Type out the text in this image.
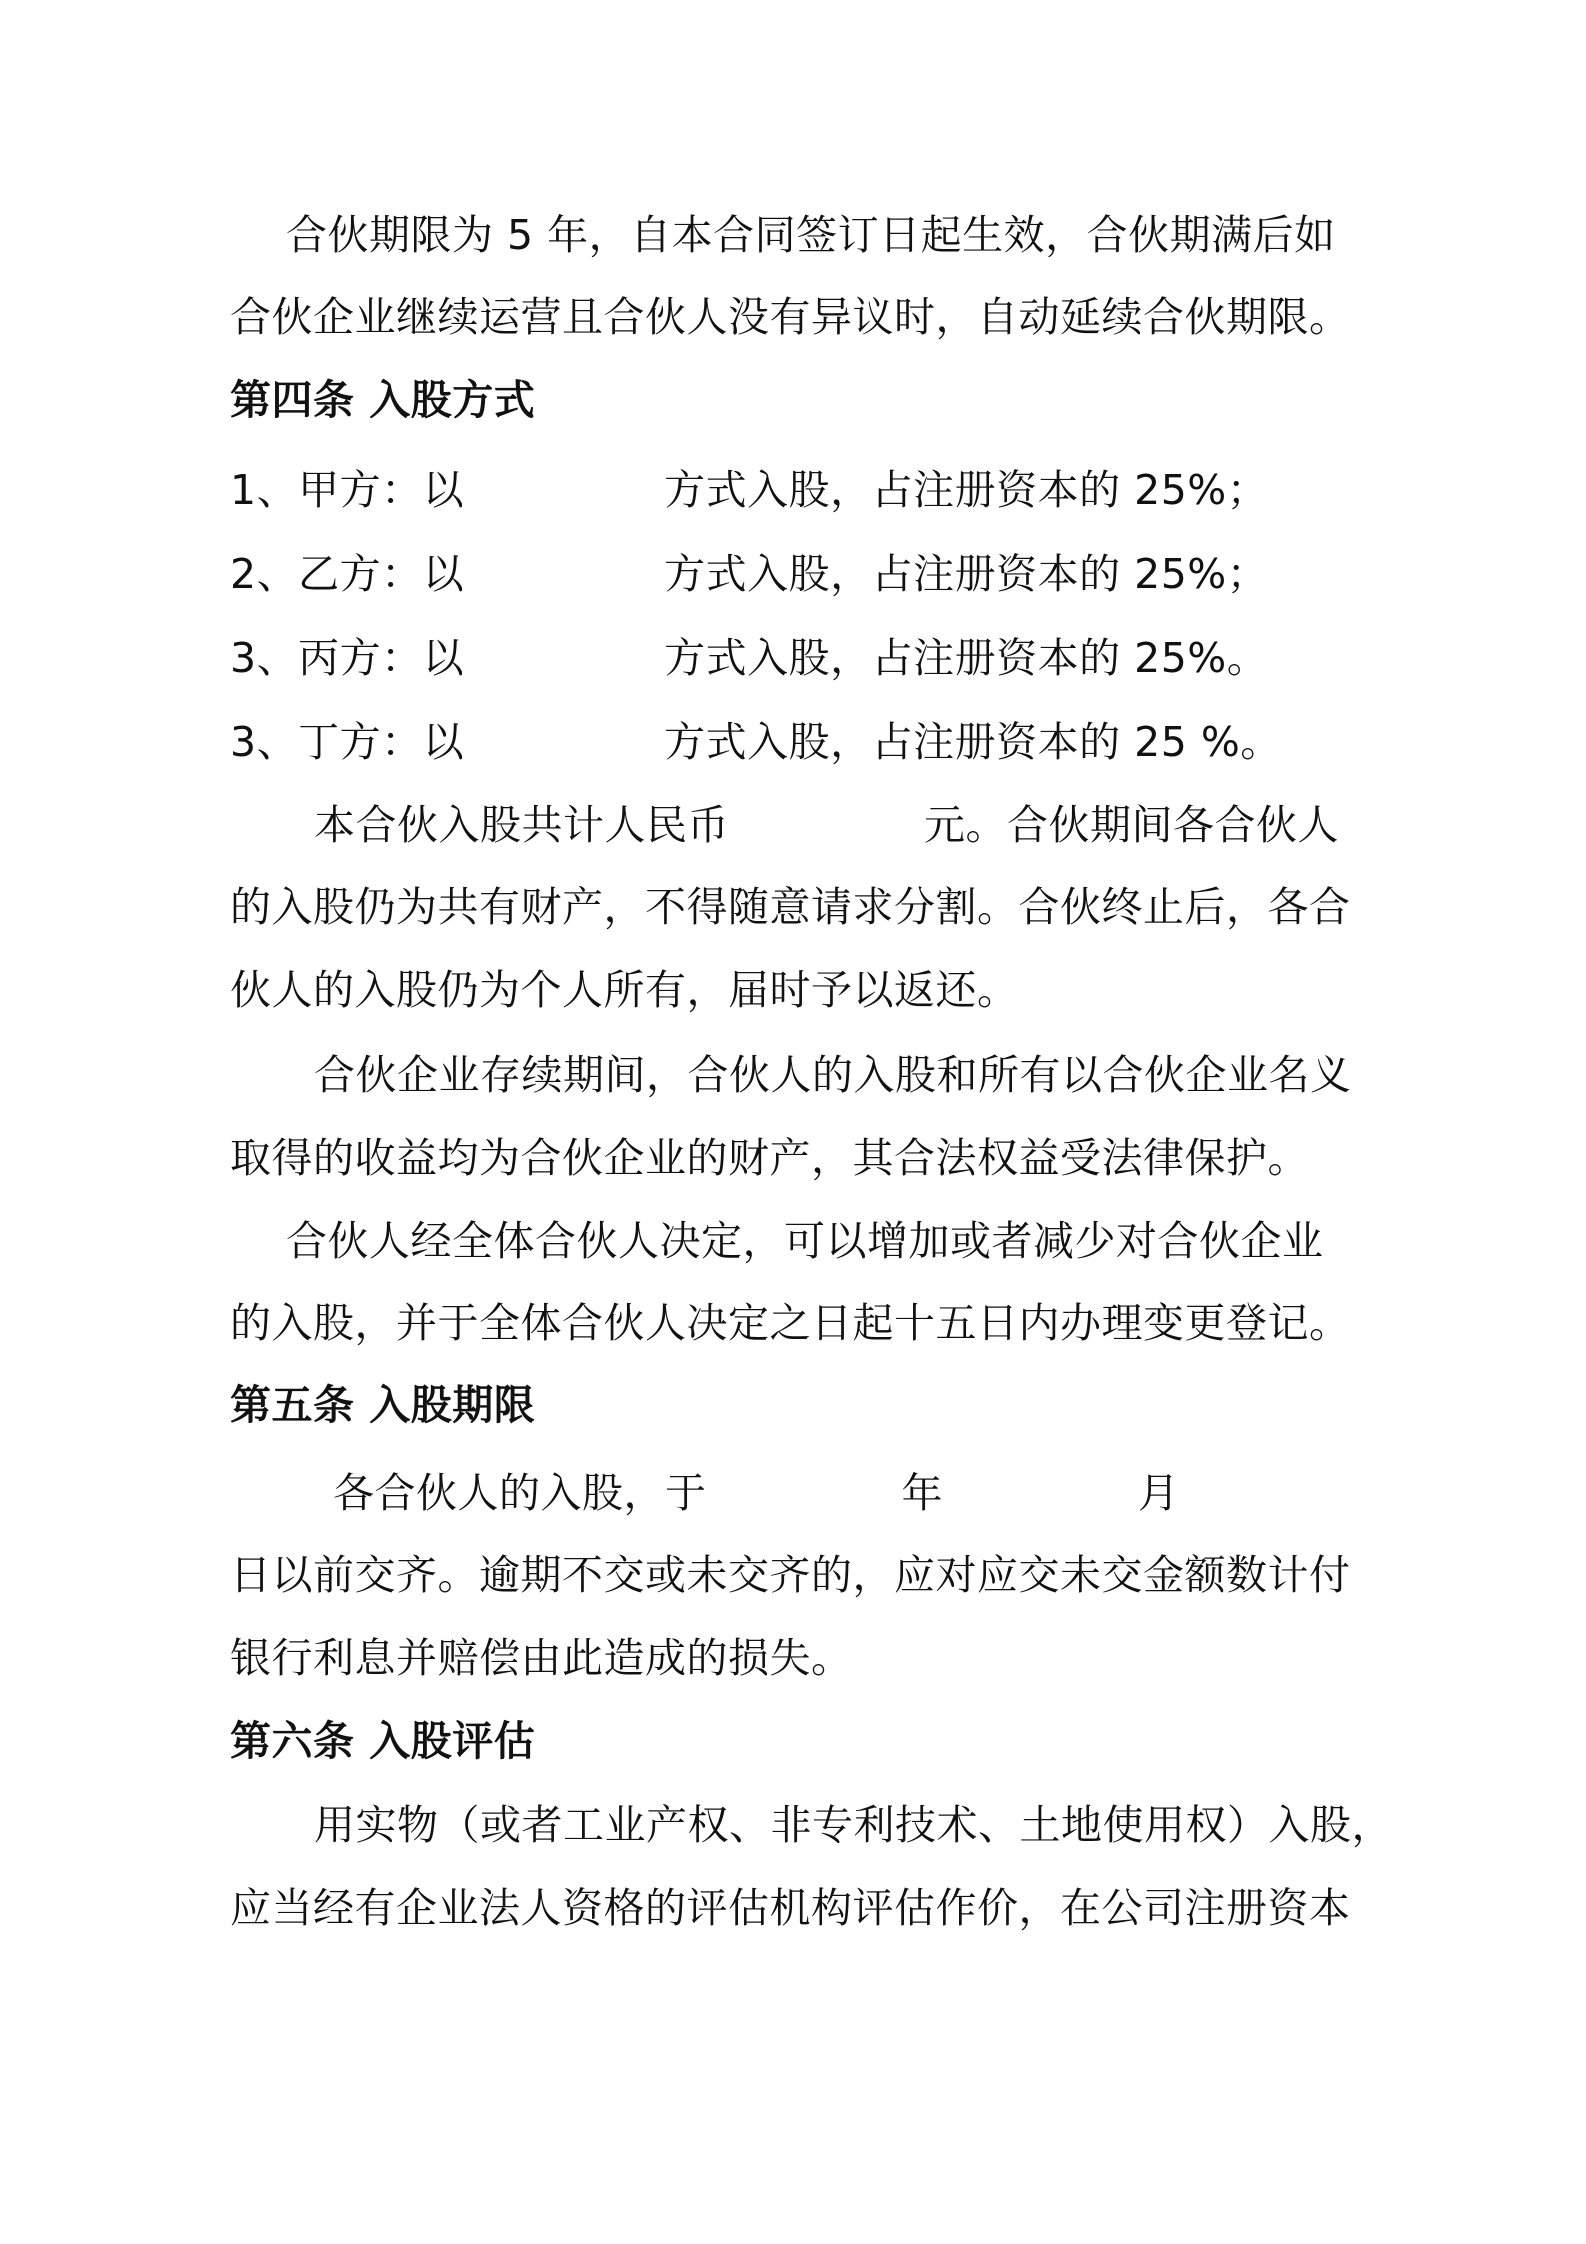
合伙期限为 5 年，自本合同签订日起生效，合伙期满后如
合伙企业继续运营且合伙人没有异议时，自动延续合伙期限。
第四条 入股方式
1、甲方：以	方式入股，占注册资本的 25%；
2、乙方：以	方式入股，占注册资本的 25%；
3、丙方：以	方式入股，占注册资本的 25%。
3、丁方：以	方式入股，占注册资本的 25 %。
本合伙入股共计人民币	元。合伙期间各合伙人
的入股仍为共有财产，不得随意请求分割。合伙终止后，各合
伙人的入股仍为个人所有，届时予以返还。
合伙企业存续期间，合伙人的入股和所有以合伙企业名义
取得的收益均为合伙企业的财产，其合法权益受法律保护。
合伙人经全体合伙人决定，可以增加或者减少对合伙企业
的入股，并于全体合伙人决定之日起十五日内办理变更登记。
第五条 入股期限
各合伙人的入股，于	年	月
日以前交齐。逾期不交或未交齐的，应对应交未交金额数计付
银行利息并赔偿由此造成的损失。
第六条 入股评估
用实物（或者工业产权、非专利技术、土地使用权）入股，
应当经有企业法人资格的评估机构评估作价，在公司注册资本
